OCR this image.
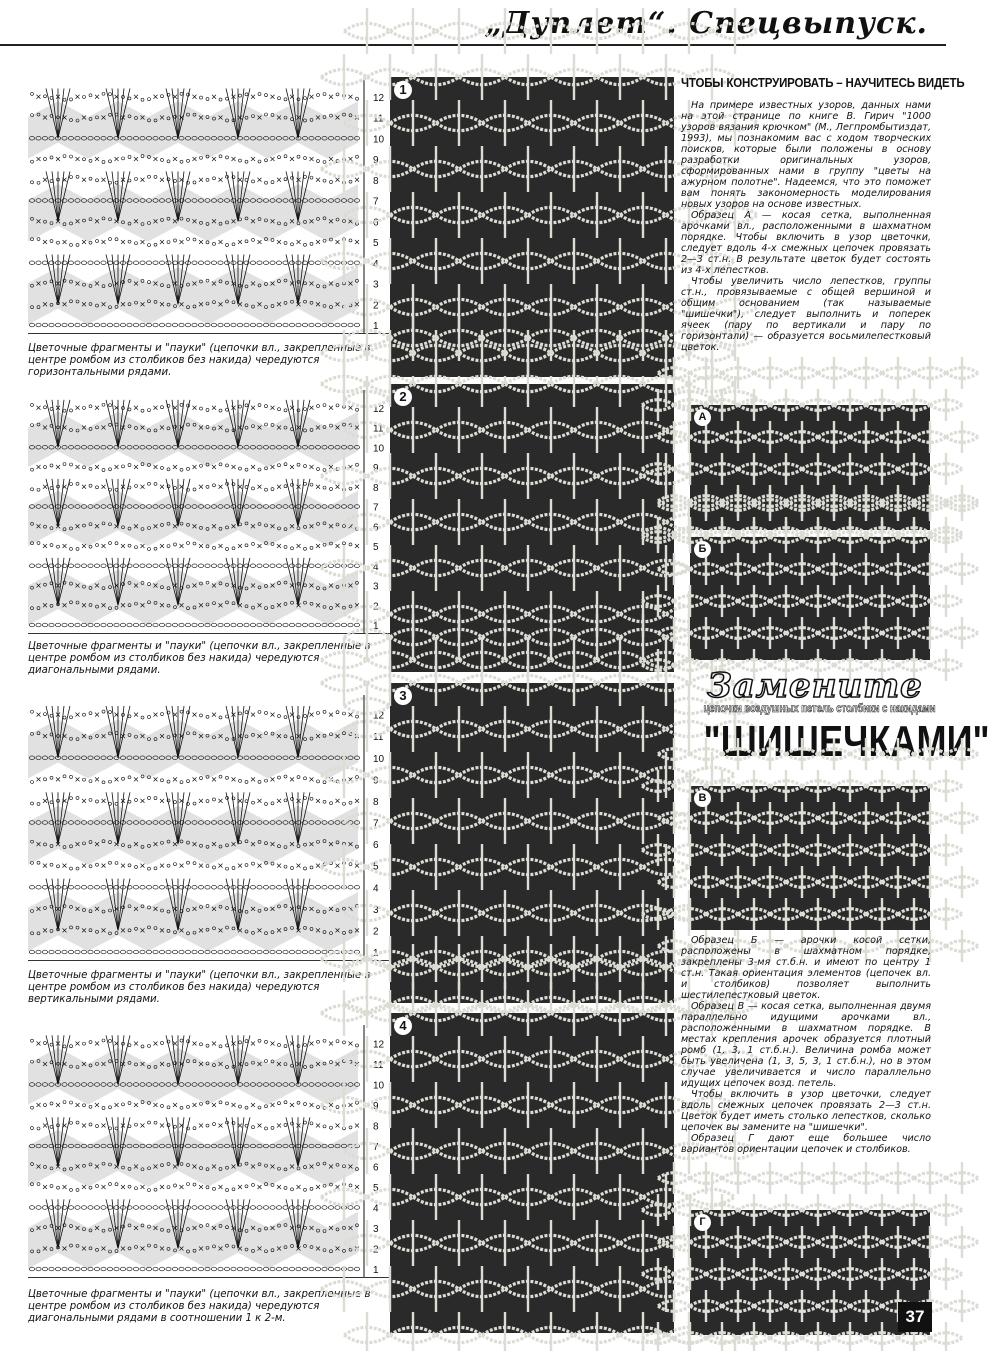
„Дуплет“. Спецвыпуск.
12
11
10
9
8
7
6
5
4
3
2
1
Цветочные фрагменты и "пауки" (цепочки вл., закрепленные в центре ромбом из столбиков без накида) чередуются горизонтальными рядами.
12
11
10
9
8
7
6
5
4
3
2
1
Цветочные фрагменты и "пауки" (цепочки вл., закрепленные в центре ромбом из столбиков без накида) чередуются диагональными рядами.
12
11
10
9
8
7
6
5
4
3
2
1
Цветочные фрагменты и "пауки" (цепочки вл., закрепленные в центре ромбом из столбиков без накида) чередуются вертикальными рядами.
12
11
10
9
8
7
6
5
4
3
2
1
Цветочные фрагменты и "пауки" (цепочки вл., закрепленные в центре ромбом из столбиков без накида) чередуются диагональными рядами в соотношении 1 к 2-м.
1
2
3
4
ЧТОБЫ КОНСТРУИРОВАТЬ – НАУЧИТЕСЬ ВИДЕТЬ

На примере известных узоров, данных нами на этой странице по книге В. Гирич "1000 узоров вязания крючком" (М., Легпромбытиздат, 1993), мы познакомим вас с ходом творческих поисков, которые были положены в основу разработки оригинальных узоров, сформированных нами в группу "цветы на ажурном полотне". Надеемся, что это поможет вам понять закономерность моделирования новых узоров на основе известных.

Образец А — косая сетка, выполненная арочками вл., расположенными в шахматном порядке. Чтобы включить в узор цветочки, следует вдоль 4-х смежных цепочек провязать 2—3 ст.н. В результате цветок будет состоять из 4-х лепестков.

Чтобы увеличить число лепестков, группы ст.н., провязываемые с общей вершиной и общим основанием (так называемые "шишечки"), следует выполнить и поперек ячеек (пару по вертикали и пару по горизонтали) — образуется восьмилепестковый цветок.

А
Б
Замените
цепочки воздушных петель столбики с накидами
"ШИШЕЧКАМИ"
В

Образец Б — арочки косой сетки, расположены в шахматном порядке, закреплены 3-мя ст.б.н. и имеют по центру 1 ст.н. Такая ориентация элементов (цепочек вл. и столбиков) позволяет выполнить шестилепестковый цветок.

Образец В — косая сетка, выполненная двумя параллельно идущими арочками вл., расположенными в шахматном порядке. В местах крепления арочек образуется плотный ромб (1, 3, 1 ст.б.н.). Величина ромба может быть увеличена (1, 3, 5, 3, 1 ст.б.н.), но в этом случае увеличивается и число параллельно идущих цепочек возд. петель.

Чтобы включить в узор цветочки, следует вдоль смежных цепочек провязать 2—3 ст.н. Цветок будет иметь столько лепестков, сколько цепочек вы замените на "шишечки".

Образец Г дают еще большее число вариантов ориентации цепочек и столбиков.

Г
37
